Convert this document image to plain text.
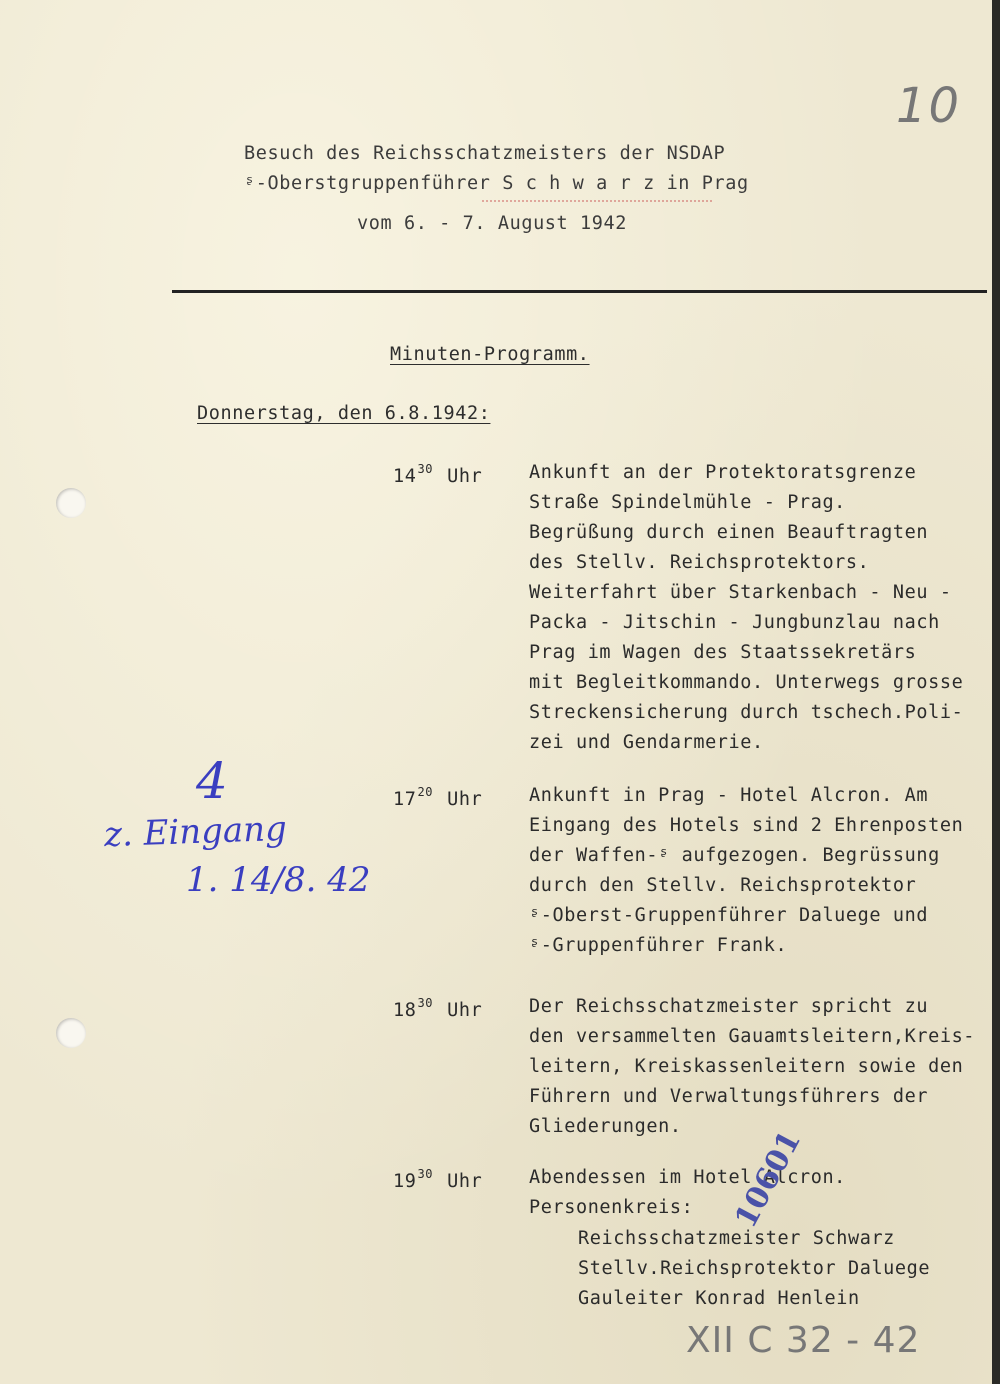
10
Besuch des Reichsschatzmeisters der NSDAP
ᶳ-Oberstgruppenführer S c h w a r z in Prag
vom 6. - 7. August 1942
Minuten-Programm.
Donnerstag, den 6.8.1942:
$14^{30}$ Uhr	Ankunft an der Protektoratsgrenze
Straße Spindelmühle - Prag.
Begrüßung durch einen Beauftragten
des Stellv. Reichsprotektors.
Weiterfahrt über Starkenbach - Neu -
Packa - Jitschin - Jungbunzlau nach
Prag im Wagen des Staatssekretärs
mit Begleitkommando. Unterwegs grosse
Streckensicherung durch tschech.Poli-
zei und Gendarmerie.
$17^{20}$ Uhr	Ankunft in Prag - Hotel Alcron. Am
Eingang des Hotels sind 2 Ehrenposten
der Waffen-ᶳ aufgezogen. Begrüssung
durch den Stellv. Reichsprotektor
ᶳ-Oberst-Gruppenführer Daluege und
ᶳ-Gruppenführer Frank.
$18^{30}$ Uhr	Der Reichsschatzmeister spricht zu
den versammelten Gauamtsleitern,Kreis-
leitern, Kreiskassenleitern sowie den
Führern und Verwaltungsführers der
Gliederungen.
$19^{30}$ Uhr	Abendessen im Hotel Alcron.
Personenkreis:
Reichsschatzmeister Schwarz
Stellv.Reichsprotektor Daluege
Gauleiter Konrad Henlein
4
z. Eingang
1. 14/8. 42
10601
XII C 32 - 42
